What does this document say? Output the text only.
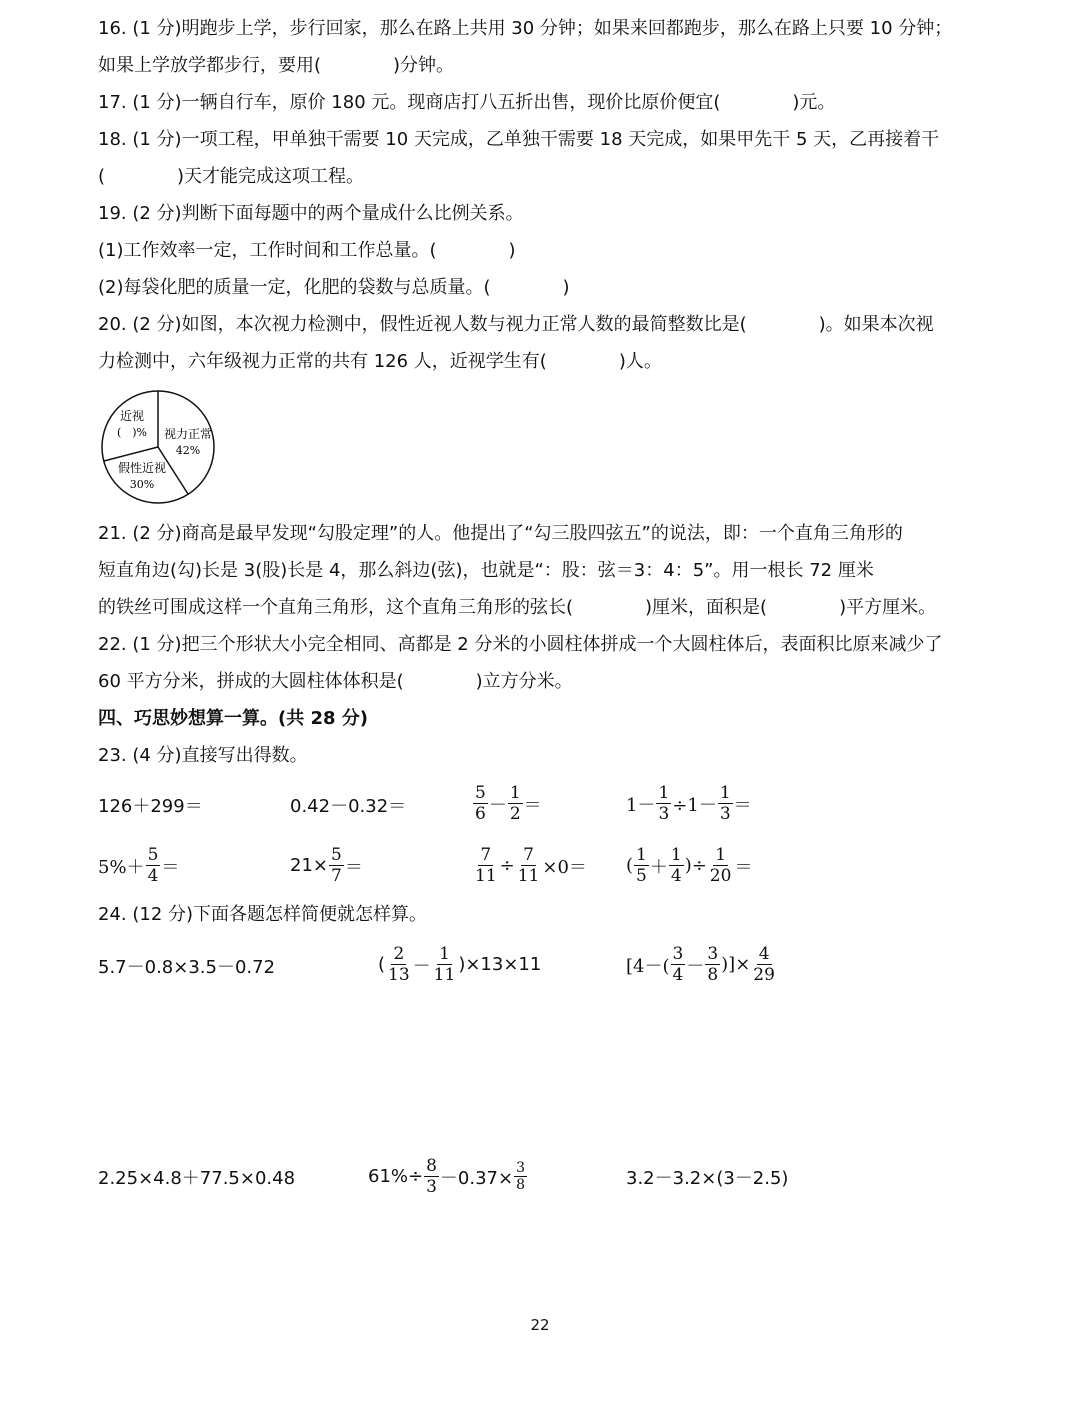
16. (1 分)明跑步上学，步行回家，那么在路上共用 30 分钟；如果来回都跑步，那么在路上只要 10 分钟；
如果上学放学都步行，要用(　　　　)分钟。
17. (1 分)一辆自行车，原价 180 元。现商店打八五折出售，现价比原价便宜(　　　　)元。
18. (1 分)一项工程，甲单独干需要 10 天完成，乙单独干需要 18 天完成，如果甲先干 5 天，乙再接着干
(　　　　)天才能完成这项工程。
19. (2 分)判断下面每题中的两个量成什么比例关系。
(1)工作效率一定，工作时间和工作总量。(　　　　)
(2)每袋化肥的质量一定，化肥的袋数与总质量。(　　　　)
20. (2 分)如图，本次视力检测中，假性近视人数与视力正常人数的最简整数比是(　　　　)。如果本次视
力检测中，六年级视力正常的共有 126 人，近视学生有(　　　　)人。
视力正常
42%
假性近视
30%
近视
(　)%
21. (2 分)商高是最早发现“勾股定理”的人。他提出了“勾三股四弦五”的说法，即：一个直角三角形的
短直角边(勾)长是 3(股)长是 4，那么斜边(弦)，也就是“：股：弦＝3：4：5”。用一根长 72 厘米
的铁丝可围成这样一个直角三角形，这个直角三角形的弦长(　　　　)厘米，面积是(　　　　)平方厘米。
22. (1 分)把三个形状大小完全相同、高都是 2 分米的小圆柱体拼成一个大圆柱体后，表面积比原来减少了
60 平方分米，拼成的大圆柱体体积是(　　　　)立方分米。
四、巧思妙想算一算。(共 28 分)
23. (4 分)直接写出得数。
126＋299＝	0.42－0.32＝	$\frac{5}{6} - \frac{1}{2}$ ＝	$1- \frac{1}{3} \div 1- \frac{1}{3}$ ＝
$5\%+ \frac{5}{4}$ ＝	$21\times \frac{5}{7}$ ＝	$\frac{7}{11} \div \frac{7}{11} \times 0=$ ( $\frac{1}{5} + \frac{1}{4}$ )÷ $\frac{1}{20}$ ＝
24. (12 分)下面各题怎样简便就怎样算。
5.7－0.8×3.5－0.72	( $\frac{2}{13} - \frac{1}{11} )\times 13\times 11$	[$4-( \frac{3}{4} - \frac{3}{8}$ )]× $\frac{4}{29}$
2.25×4.8＋77.5×0.48	$61\%\div \frac{8}{3} -0.37\times \frac{3}{8}$	3.2－3.2×(3－2.5)
22
